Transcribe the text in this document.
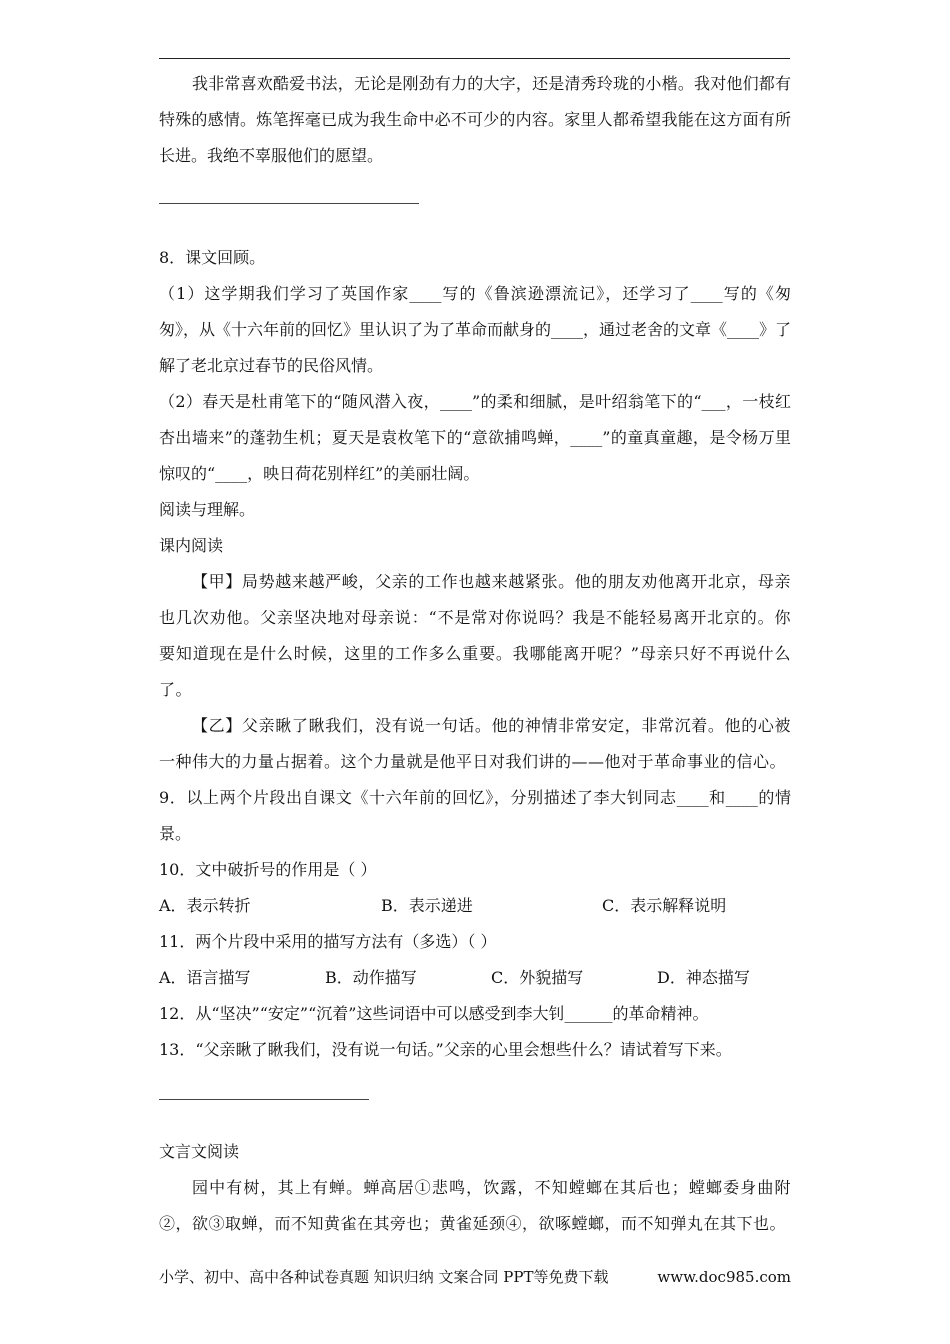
我非常喜欢酷爱书法，无论是刚劲有力的大字，还是清秀玲珑的小楷。我对他们都有特殊的感情。炼笔挥毫已成为我生命中必不可少的内容。家里人都希望我能在这方面有所长进。我绝不辜服他们的愿望。

8．课文回顾。

（1）这学期我们学习了英国作家____写的《鲁滨逊漂流记》，还学习了____写的《匆匆》，从《十六年前的回忆》里认识了为了革命而献身的____，通过老舍的文章《____》了解了老北京过春节的民俗风情。

（2）春天是杜甫笔下的“随风潜入夜，____”的柔和细腻，是叶绍翁笔下的“___，一枝红杏出墙来”的蓬勃生机；夏天是袁枚笔下的“意欲捕鸣蝉，____”的童真童趣，是令杨万里惊叹的“____，映日荷花别样红”的美丽壮阔。

阅读与理解。

课内阅读

【甲】局势越来越严峻，父亲的工作也越来越紧张。他的朋友劝他离开北京，母亲也几次劝他。父亲坚决地对母亲说：“不是常对你说吗？我是不能轻易离开北京的。你要知道现在是什么时候，这里的工作多么重要。我哪能离开呢？”母亲只好不再说什么了。

【乙】父亲瞅了瞅我们，没有说一句话。他的神情非常安定，非常沉着。他的心被一种伟大的力量占据着。这个力量就是他平日对我们讲的——他对于革命事业的信心。

9．以上两个片段出自课文《十六年前的回忆》，分别描述了李大钊同志____和____的情景。

10．文中破折号的作用是（ ）

A．表示转折	B．表示递进	C．表示解释说明

11．两个片段中采用的描写方法有（多选）（ ）

A．语言描写	B．动作描写	C．外貌描写	D．神态描写

12．从“坚决”“安定”“沉着”这些词语中可以感受到李大钊______的革命精神。

13．“父亲瞅了瞅我们，没有说一句话。”父亲的心里会想些什么？请试着写下来。

文言文阅读

园中有树，其上有蝉。蝉高居①悲鸣，饮露，不知螳螂在其后也；螳螂委身曲附②，欲③取蝉，而不知黄雀在其旁也；黄雀延颈④，欲啄螳螂，而不知弹丸在其下也。

小学、初中、高中各种试卷真题 知识归纳 文案合同 PPT等免费下载	www.doc985.com
